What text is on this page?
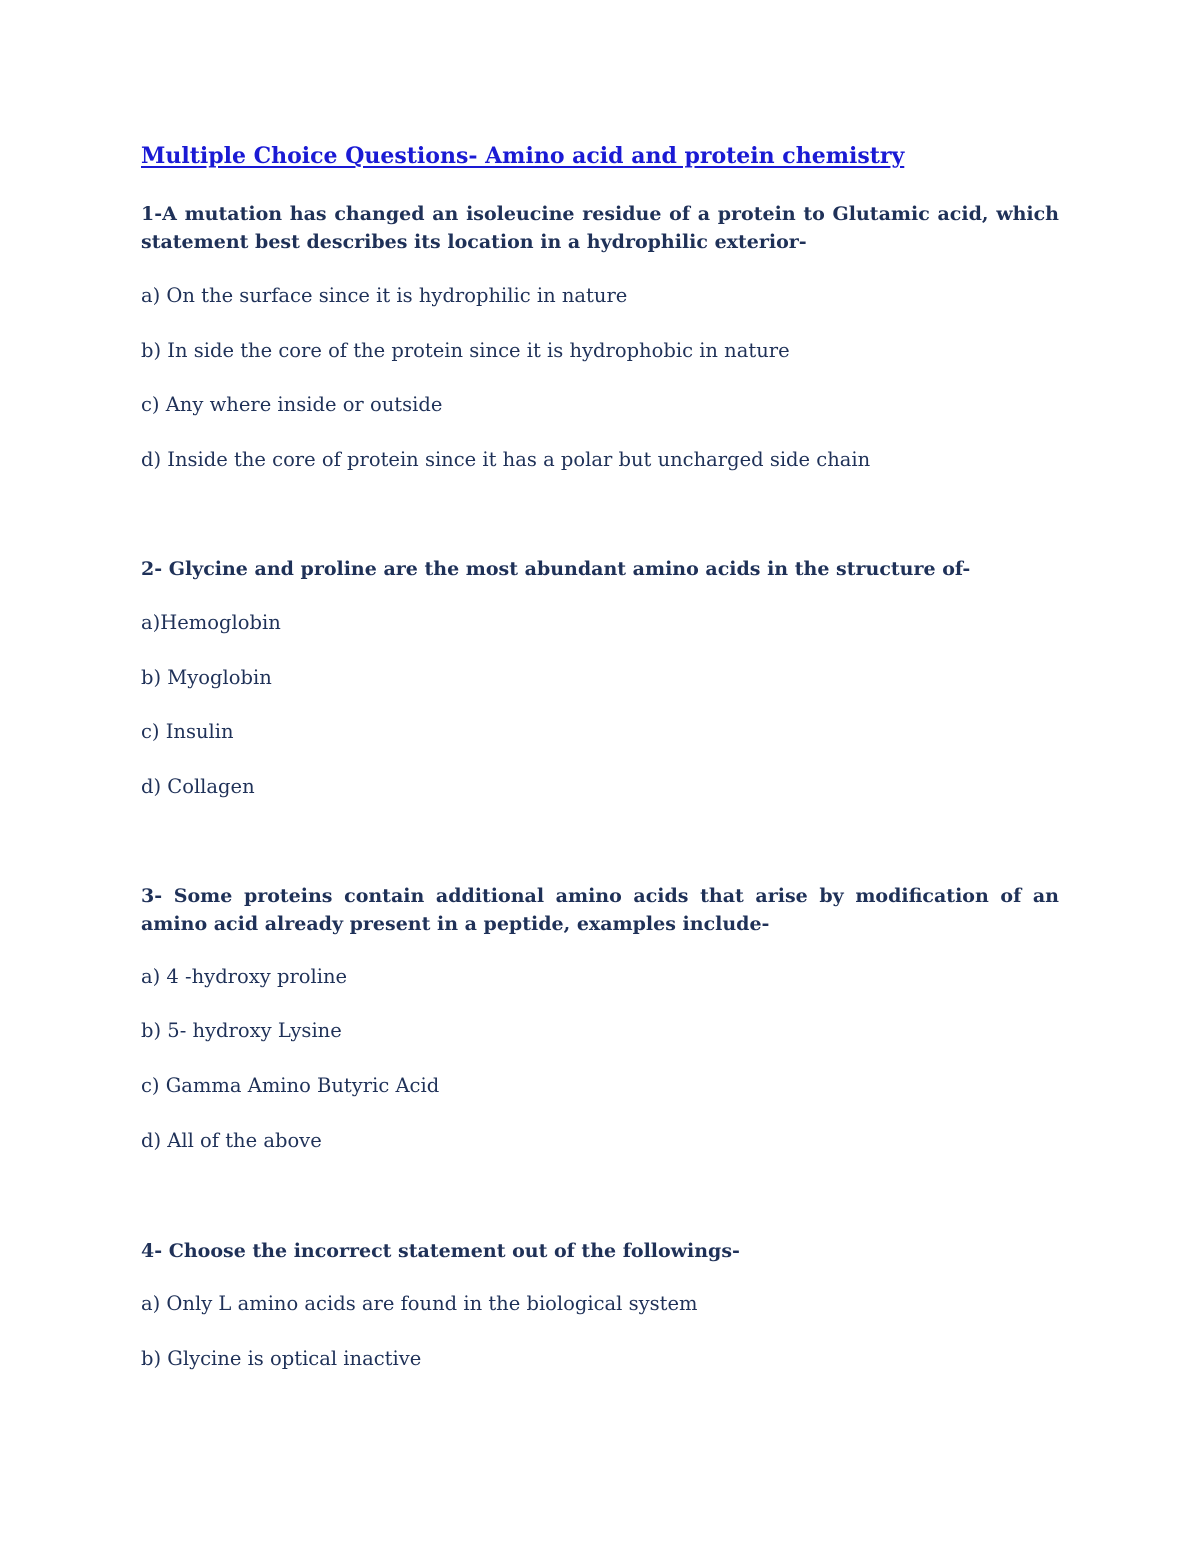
Multiple Choice Questions- Amino acid and protein chemistry
1-A mutation has changed an isoleucine residue of a protein to Glutamic acid, which statement best describes its location in a hydrophilic exterior-
a) On the surface since it is hydrophilic in nature
b) In side the core of the protein since it is hydrophobic in nature
c) Any where inside or outside
d) Inside the core of protein since it has a polar but uncharged side chain
2- Glycine and proline are the most abundant amino acids in the structure of-
a)Hemoglobin
b) Myoglobin
c) Insulin
d) Collagen
3- Some proteins contain additional amino acids that arise by modification of an amino acid already present in a peptide, examples include-
a) 4 -hydroxy proline
b) 5- hydroxy Lysine
c) Gamma Amino Butyric Acid
d) All of the above
4- Choose the incorrect statement out of the followings-
a) Only L amino acids are found in the biological system
b) Glycine is optical inactive
